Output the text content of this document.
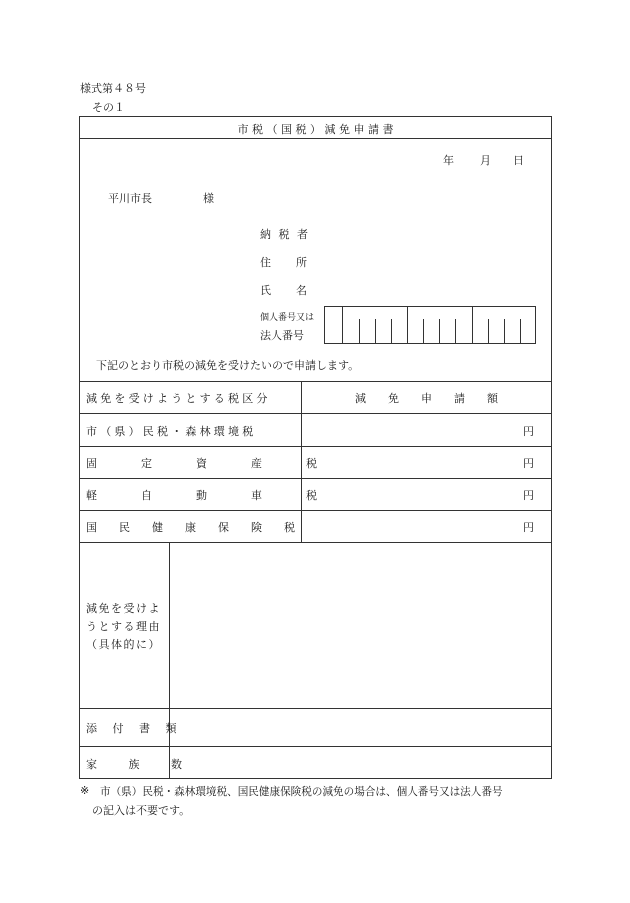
様式第４８号
その１
市 税 （ 国 税 ） 減 免 申 請 書
年 月 日
平川市長	様
納 税 者
住 所
氏 名
個人番号又は
法人番号
下記のとおり市税の減免を受けたいので申請します。
減免を受けようとする税区分	減　　免　　申　　請　　額
市（県）民税・森林環境税	円
固定資産税	円
軽自動車税	円
国民健康保険税	円
減免を受けよ
うとする理由
（具体的に）
添 付 書 類
家 族 数
※ 市（県）民税・森林環境税、国民健康保険税の減免の場合は、個人番号又は法人番号
の記入は不要です。
